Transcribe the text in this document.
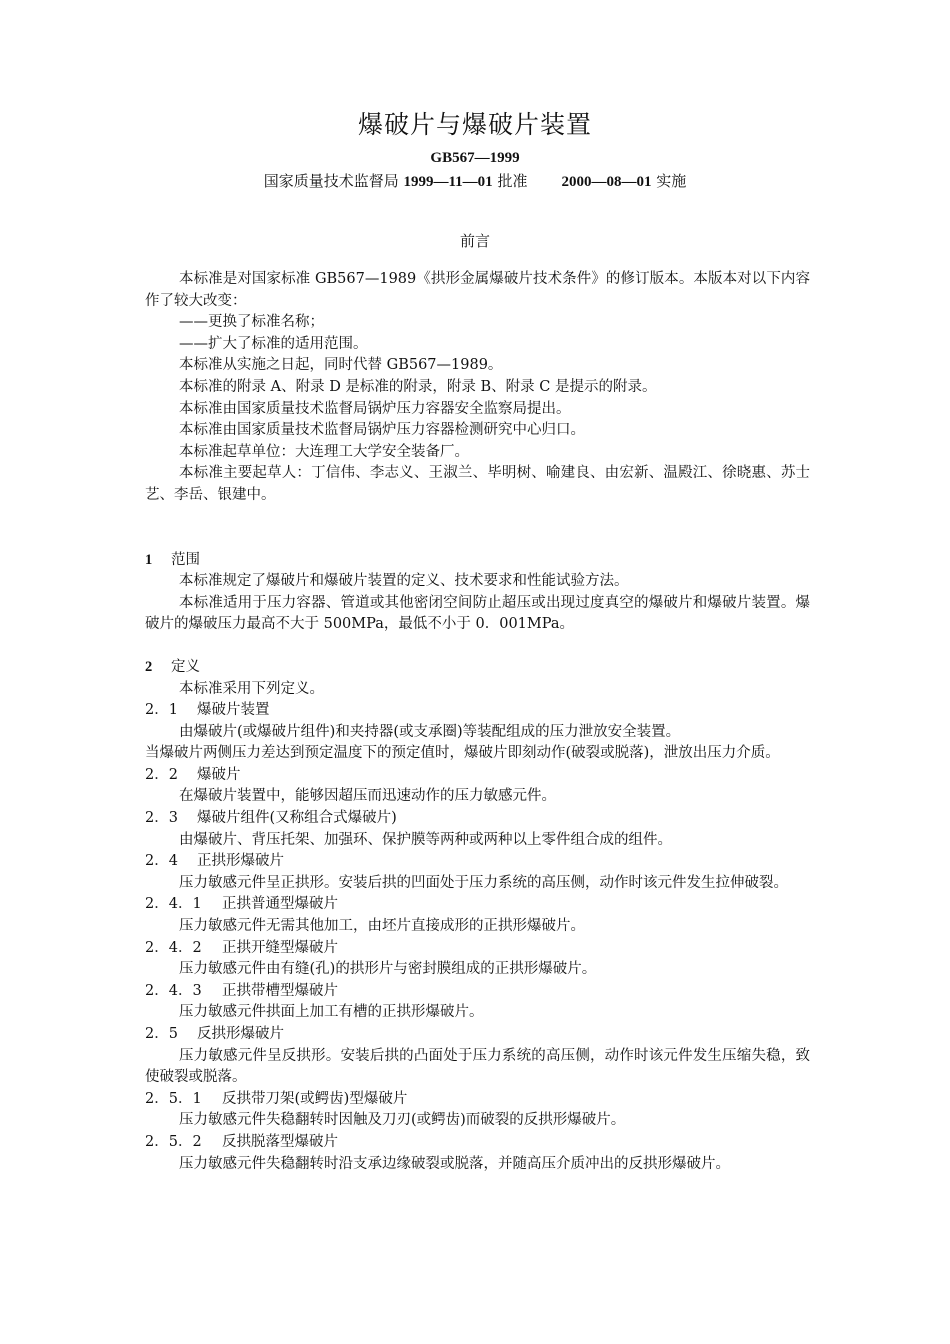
爆破片与爆破片装置
GB567—1999
国家质量技术监督局 1999—11—01 批准 2000—08—01 实施
前言

本标准是对国家标准 GB567—1989《拱形金属爆破片技术条件》的修订版本。本版本对以下内容作了较大改变：

——更换了标准名称；

——扩大了标准的适用范围。

本标准从实施之日起，同时代替 GB567—1989。

本标准的附录 A、附录 D 是标准的附录，附录 B、附录 C 是提示的附录。

本标准由国家质量技术监督局锅炉压力容器安全监察局提出。

本标准由国家质量技术监督局锅炉压力容器检测研究中心归口。

本标准起草单位：大连理工大学安全装备厂。

本标准主要起草人：丁信伟、李志义、王淑兰、毕明树、喻建良、由宏新、温殿江、徐晓惠、苏士艺、李岳、银建中。

1 范围

本标准规定了爆破片和爆破片装置的定义、技术要求和性能试验方法。

本标准适用于压力容器、管道或其他密闭空间防止超压或出现过度真空的爆破片和爆破片装置。爆破片的爆破压力最高不大于 500MPa，最低不小于 0．001MPa。

2 定义

本标准采用下列定义。

2．1 爆破片装置

由爆破片(或爆破片组件)和夹持器(或支承圈)等装配组成的压力泄放安全装置。

当爆破片两侧压力差达到预定温度下的预定值时，爆破片即刻动作(破裂或脱落)，泄放出压力介质。

2．2 爆破片

在爆破片装置中，能够因超压而迅速动作的压力敏感元件。

2．3 爆破片组件(又称组合式爆破片)

由爆破片、背压托架、加强环、保护膜等两种或两种以上零件组合成的组件。

2．4 正拱形爆破片

压力敏感元件呈正拱形。安装后拱的凹面处于压力系统的高压侧，动作时该元件发生拉伸破裂。

2．4．1 正拱普通型爆破片

压力敏感元件无需其他加工，由坯片直接成形的正拱形爆破片。

2．4．2 正拱开缝型爆破片

压力敏感元件由有缝(孔)的拱形片与密封膜组成的正拱形爆破片。

2．4．3 正拱带槽型爆破片

压力敏感元件拱面上加工有槽的正拱形爆破片。

2．5 反拱形爆破片

压力敏感元件呈反拱形。安装后拱的凸面处于压力系统的高压侧，动作时该元件发生压缩失稳，致使破裂或脱落。

2．5．1 反拱带刀架(或鳄齿)型爆破片

压力敏感元件失稳翻转时因触及刀刃(或鳄齿)而破裂的反拱形爆破片。

2．5．2 反拱脱落型爆破片

压力敏感元件失稳翻转时沿支承边缘破裂或脱落，并随高压介质冲出的反拱形爆破片。
